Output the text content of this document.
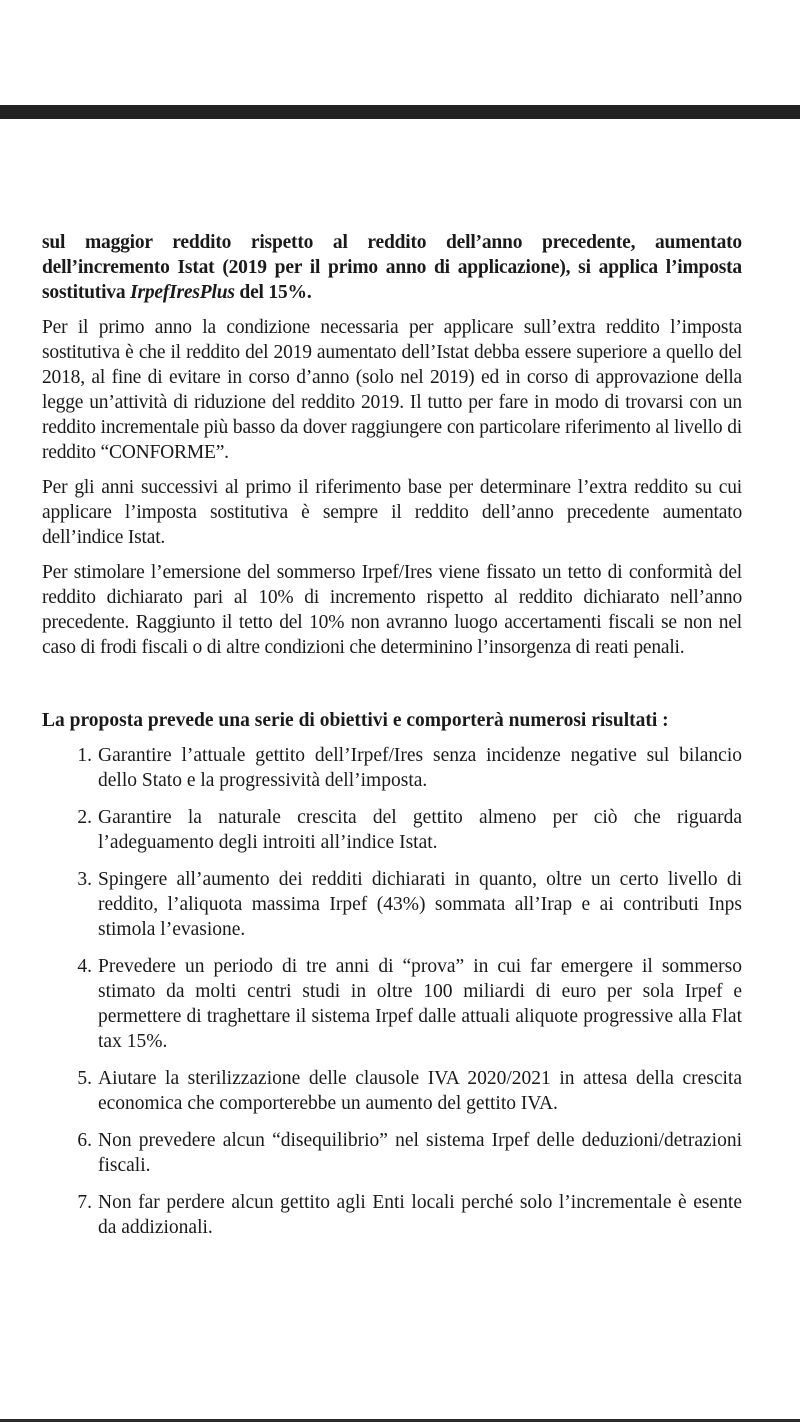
sul maggior reddito rispetto al reddito dell’anno precedente, aumentato dell’incremento Istat (2019 per il primo anno di applicazione), si applica l’imposta sostitutiva IrpefIresPlus del 15%.

Per il primo anno la condizione necessaria per applicare sull’extra reddito l’imposta sostitutiva è che il reddito del 2019 aumentato dell’Istat debba essere superiore a quello del 2018, al fine di evitare in corso d’anno (solo nel 2019) ed in corso di approvazione della legge un’attività di riduzione del reddito 2019. Il tutto per fare in modo di trovarsi con un reddito incrementale più basso da dover raggiungere con particolare riferimento al livello di reddito “CONFORME”.

Per gli anni successivi al primo il riferimento base per determinare l’extra reddito su cui applicare l’imposta sostitutiva è sempre il reddito dell’anno precedente aumentato dell’indice Istat.

Per stimolare l’emersione del sommerso Irpef/Ires viene fissato un tetto di conformità del reddito dichiarato pari al 10% di incremento rispetto al reddito dichiarato nell’anno precedente. Raggiunto il tetto del 10% non avranno luogo accertamenti fiscali se non nel caso di frodi fiscali o di altre condizioni che determinino l’insorgenza di reati penali.

La proposta prevede una serie di obiettivi e comporterà numerosi risultati :
1. Garantire l’attuale gettito dell’Irpef/Ires senza incidenze negative sul bilancio dello Stato e la progressività dell’imposta.
2. Garantire la naturale crescita del gettito almeno per ciò che riguarda l’adeguamento degli introiti all’indice Istat.
3. Spingere all’aumento dei redditi dichiarati in quanto, oltre un certo livello di reddito, l’aliquota massima Irpef (43%) sommata all’Irap e ai contributi Inps stimola l’evasione.
4. Prevedere un periodo di tre anni di “prova” in cui far emergere il sommerso stimato da molti centri studi in oltre 100 miliardi di euro per sola Irpef e permettere di traghettare il sistema Irpef dalle attuali aliquote progressive alla Flat tax 15%.
5. Aiutare la sterilizzazione delle clausole IVA 2020/2021 in attesa della crescita economica che comporterebbe un aumento del gettito IVA.
6. Non prevedere alcun “disequilibrio” nel sistema Irpef delle deduzioni/detrazioni fiscali.
7. Non far perdere alcun gettito agli Enti locali perché solo l’incrementale è esente da addizionali.
